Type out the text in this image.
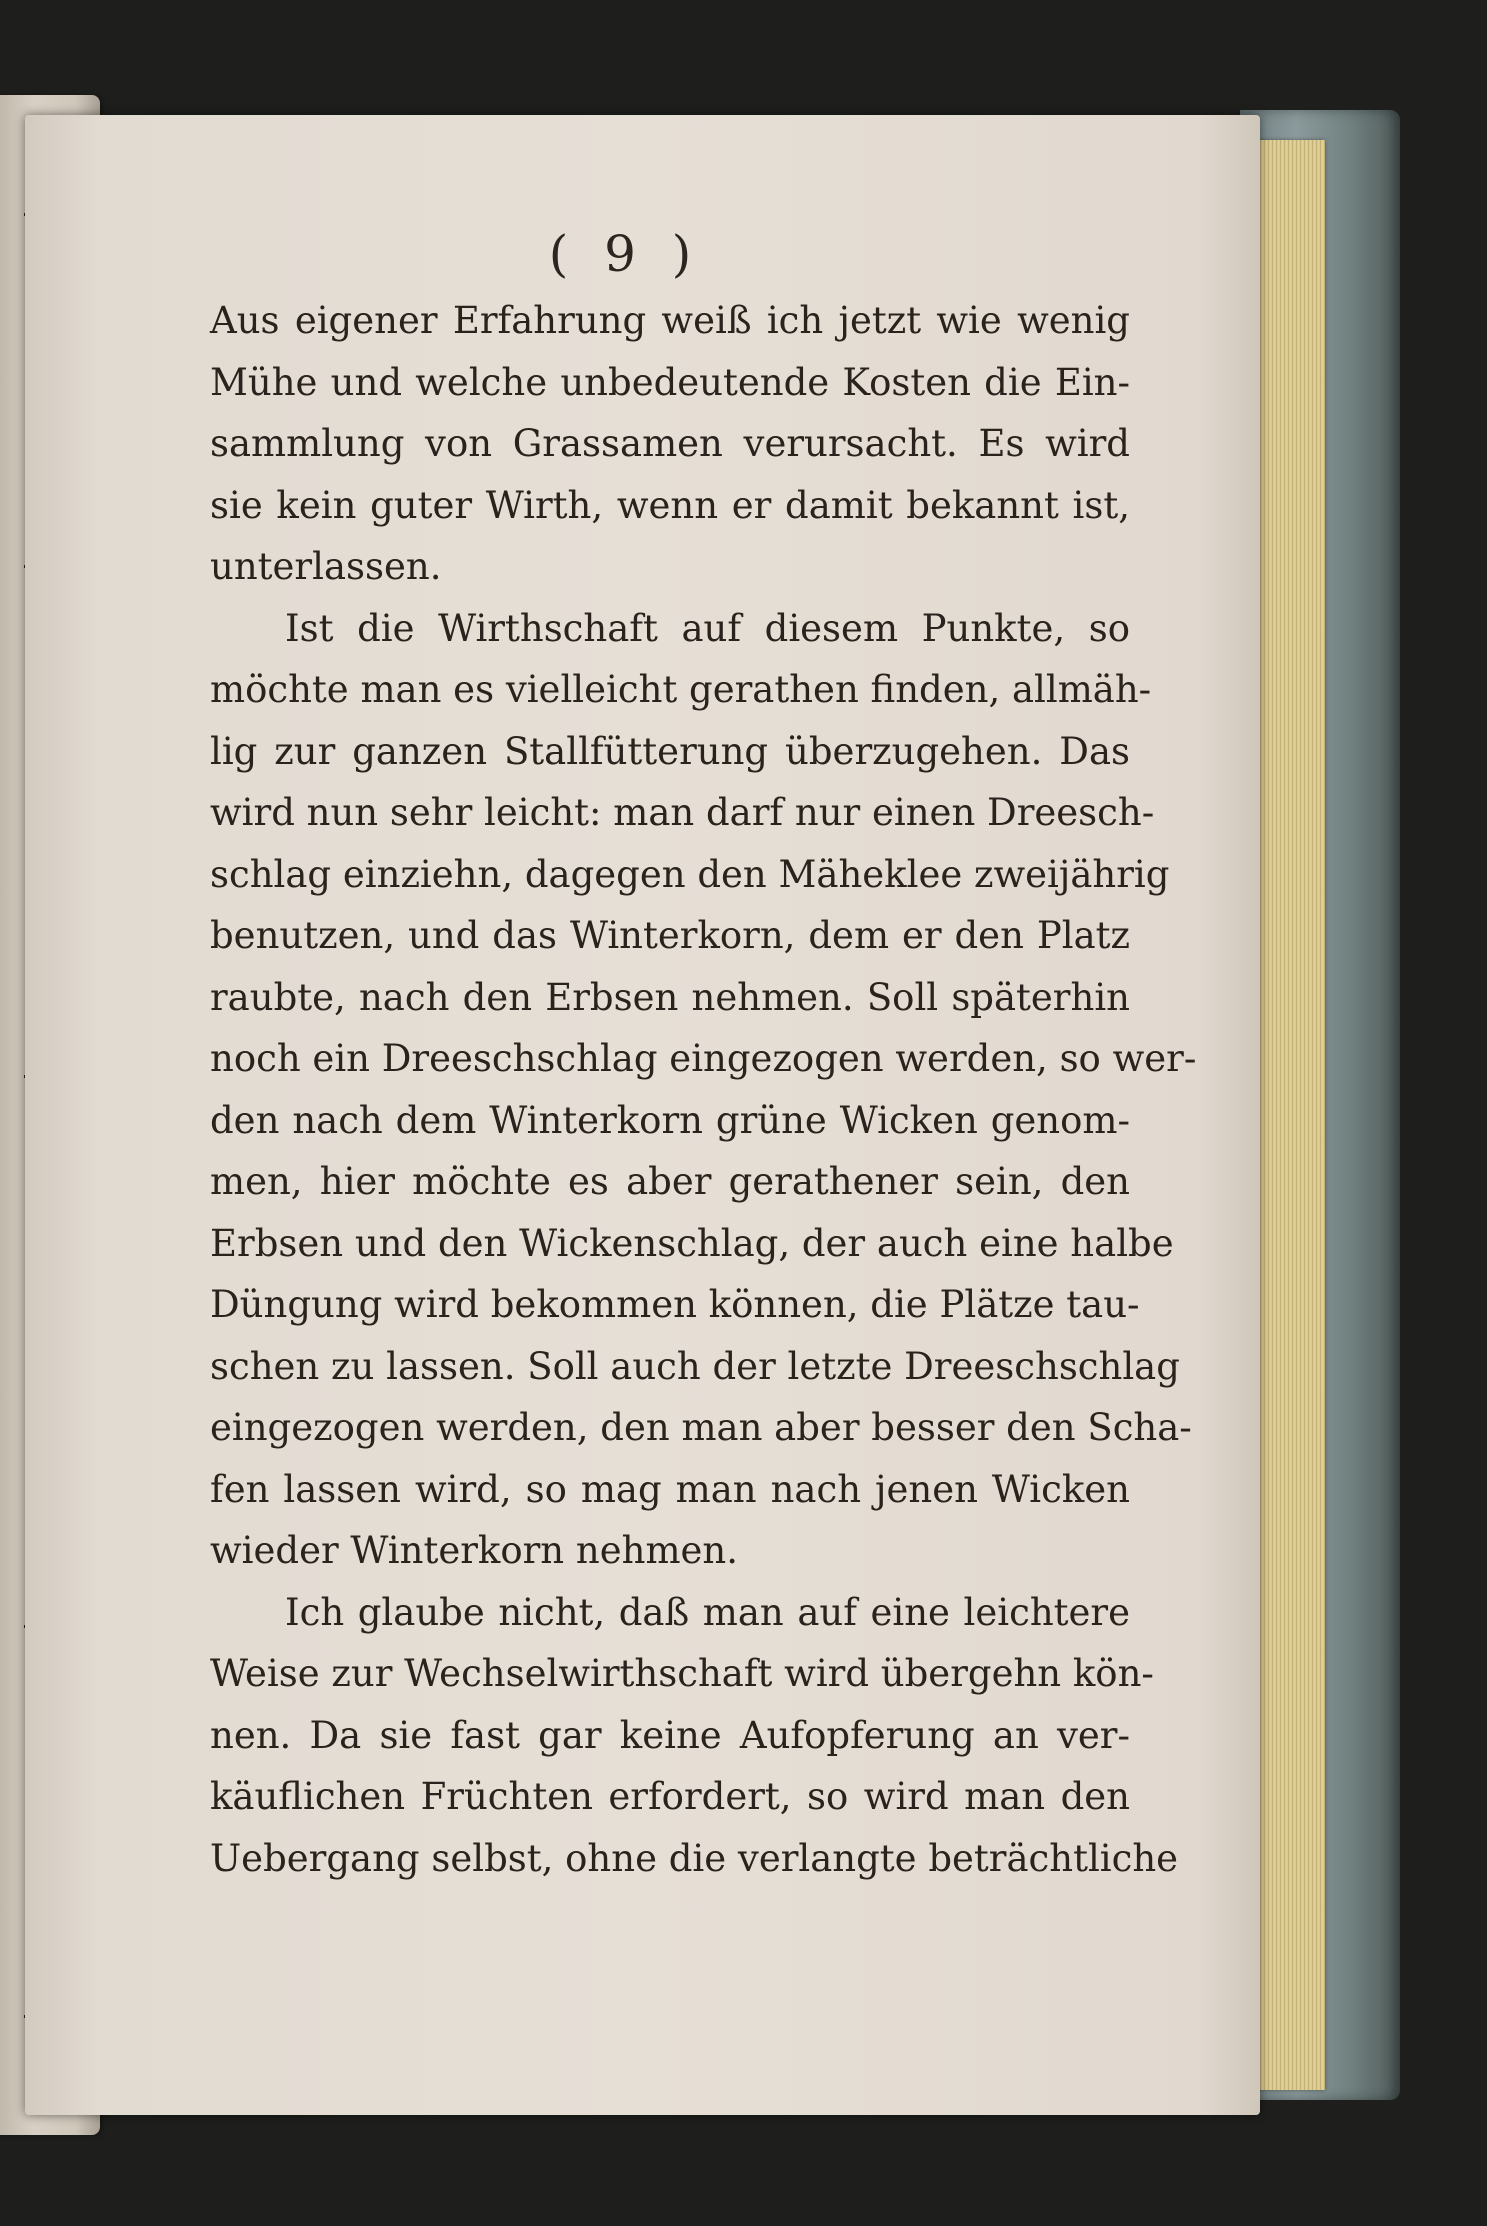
( 9 )
Aus eigener Erfahrung weiß ich jetzt wie wenig
Mühe und welche unbedeutende Kosten die Ein-
sammlung von Grassamen verursacht. Es wird
sie kein guter Wirth, wenn er damit bekannt ist,
unterlassen.
Ist die Wirthschaft auf diesem Punkte, so
möchte man es vielleicht gerathen finden, allmäh-
lig zur ganzen Stallfütterung überzugehen. Das
wird nun sehr leicht: man darf nur einen Dreesch-
schlag einziehn, dagegen den Mäheklee zweijährig
benutzen, und das Winterkorn, dem er den Platz
raubte, nach den Erbsen nehmen. Soll späterhin
noch ein Dreeschschlag eingezogen werden, so wer-
den nach dem Winterkorn grüne Wicken genom-
men, hier möchte es aber gerathener sein, den
Erbsen und den Wickenschlag, der auch eine halbe
Düngung wird bekommen können, die Plätze tau-
schen zu lassen. Soll auch der letzte Dreeschschlag
eingezogen werden, den man aber besser den Scha-
fen lassen wird, so mag man nach jenen Wicken
wieder Winterkorn nehmen.
Ich glaube nicht, daß man auf eine leichtere
Weise zur Wechselwirthschaft wird übergehn kön-
nen. Da sie fast gar keine Aufopferung an ver-
käuflichen Früchten erfordert, so wird man den
Uebergang selbst, ohne die verlangte beträchtliche
